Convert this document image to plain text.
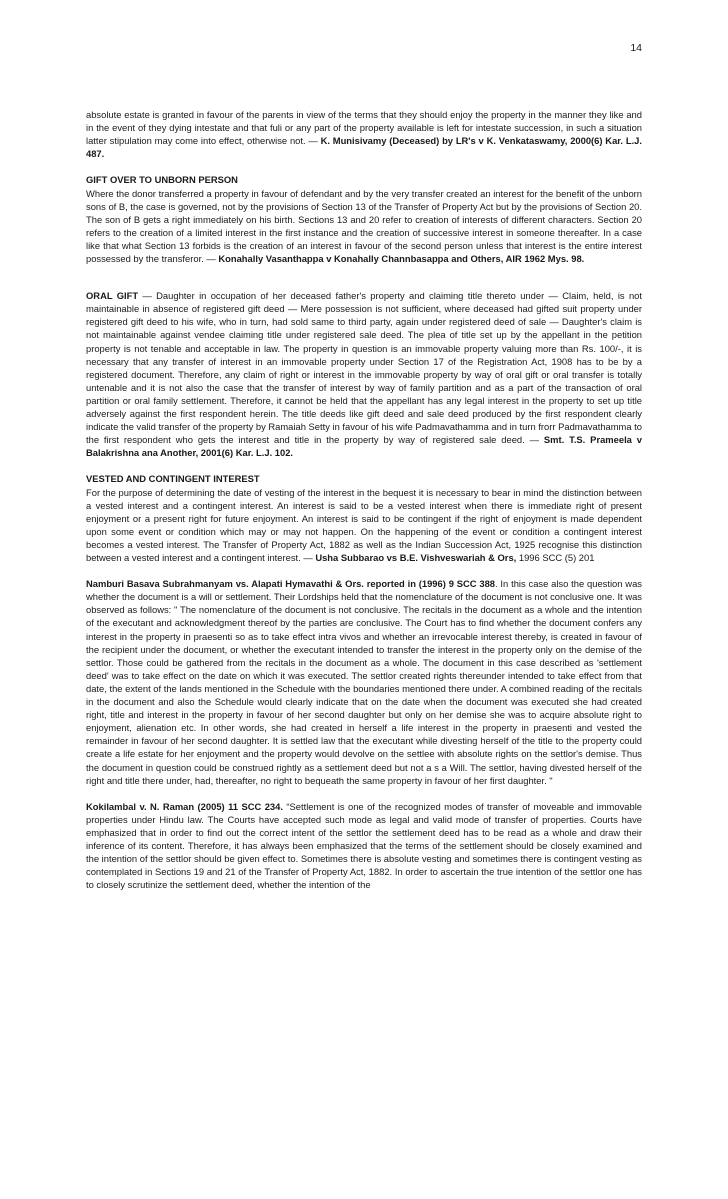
14

absolute estate is granted in favour of the parents in view of the terms that they should enjoy the property in the manner they like and in the event of they dying intestate and that fuli or any part of the property available is left for intestate succession, in such a situation latter stipulation may come into effect, otherwise not. — K. Munisivamy (Deceased) by LR's v K. Venkataswamy, 2000(6) Kar. L.J. 487.

GIFT OVER TO UNBORN PERSON

Where the donor transferred a property in favour of defendant and by the very transfer created an interest for the benefit of the unborn sons of B, the case is governed, not by the provisions of Section 13 of the Transfer of Property Act but by the provisions of Section 20. The son of B gets a right immediately on his birth. Sections 13 and 20 refer to creation of interests of different characters. Section 20 refers to the creation of a limited interest in the first instance and the creation of successive interest in someone thereafter. In a case like that what Section 13 forbids is the creation of an interest in favour of the second person unless that interest is the entire interest possessed by the transferor. — Konahally Vasanthappa v Konahally Channbasappa and Others, AIR 1962 Mys. 98.

ORAL GIFT — Daughter in occupation of her deceased father's property and claiming title thereto under — Claim, held, is not maintainable in absence of registered gift deed — Mere possession is not sufficient, where deceased had gifted suit property under registered gift deed to his wife, who in turn, had sold same to third party, again under registered deed of sale — Daughter's claim is not maintainable against vendee claiming title under registered sale deed. The plea of title set up by the appellant in the petition property is not tenable and acceptable in law. The property in question is an immovable property valuing more than Rs. 100/-, it is necessary that any transfer of interest in an immovable property under Section 17 of the Registration Act, 1908 has to be by a registered document. Therefore, any claim of right or interest in the immovable property by way of oral gift or oral transfer is totally untenable and it is not also the case that the transfer of interest by way of family partition and as a part of the transaction of oral partition or oral family settlement. Therefore, it cannot be held that the appellant has any legal interest in the property to set up title adversely against the first respondent herein. The title deeds like gift deed and sale deed produced by the first respondent clearly indicate the valid transfer of the property by Ramaiah Setty in favour of his wife Padmavathamma and in turn frorr Padmavathamma to the first respondent who gets the interest and title in the property by way of registered sale deed. — Smt. T.S. Prameela v Balakrishna ana Another, 2001(6) Kar. L.J. 102.

VESTED AND CONTINGENT INTEREST

For the purpose of determining the date of vesting of the interest in the bequest it is necessary to bear in mind the distinction between a vested interest and a contingent interest. An interest is said to be a vested interest when there is immediate right of present enjoyment or a present right for future enjoyment. An interest is said to be contingent if the right of enjoyment is made dependent upon some event or condition which may or may not happen. On the happening of the event or condition a contingent interest becomes a vested interest. The Transfer of Property Act, 1882 as well as the Indian Succession Act, 1925 recognise this distinction between a vested interest and a contingent interest. — Usha Subbarao vs B.E. Vishveswariah & Ors, 1996 SCC (5) 201

Namburi Basava Subrahmanyam vs. Alapati Hymavathi & Ors. reported in (1996) 9 SCC 388. In this case also the question was whether the document is a will or settlement. Their Lordships held that the nomenclature of the document is not conclusive one. It was observed as follows: " The nomenclature of the document is not conclusive. The recitals in the document as a whole and the intention of the executant and acknowledgment thereof by the parties are conclusive. The Court has to find whether the document confers any interest in the property in praesenti so as to take effect intra vivos and whether an irrevocable interest thereby, is created in favour of the recipient under the document, or whether the executant intended to transfer the interest in the property only on the demise of the settlor. Those could be gathered from the recitals in the document as a whole. The document in this case described as 'settlement deed' was to take effect on the date on which it was executed. The settlor created rights thereunder intended to take effect from that date, the extent of the lands mentioned in the Schedule with the boundaries mentioned there under. A combined reading of the recitals in the document and also the Schedule would clearly indicate that on the date when the document was executed she had created right, title and interest in the property in favour of her second daughter but only on her demise she was to acquire absolute right to enjoyment, alienation etc. In other words, she had created in herself a life interest in the property in praesenti and vested the remainder in favour of her second daughter. It is settled law that the executant while divesting herself of the title to the property could create a life estate for her enjoyment and the property would devolve on the settlee with absolute rights on the settlor's demise. Thus the document in question could be construed rightly as a settlement deed but not a s a Will. The settlor, having divested herself of the right and title there under, had, thereafter, no right to bequeath the same property in favour of her first daughter. "

Kokilambal v. N. Raman (2005) 11 SCC 234. “Settlement is one of the recognized modes of transfer of moveable and immovable properties under Hindu law. The Courts have accepted such mode as legal and valid mode of transfer of properties. Courts have emphasized that in order to find out the correct intent of the settlor the settlement deed has to be read as a whole and draw their inference of its content. Therefore, it has always been emphasized that the terms of the settlement should be closely examined and the intention of the settlor should be given effect to. Sometimes there is absolute vesting and sometimes there is contingent vesting as contemplated in Sections 19 and 21 of the Transfer of Property Act, 1882. In order to ascertain the true intention of the settlor one has to closely scrutinize the settlement deed, whether the intention of the
